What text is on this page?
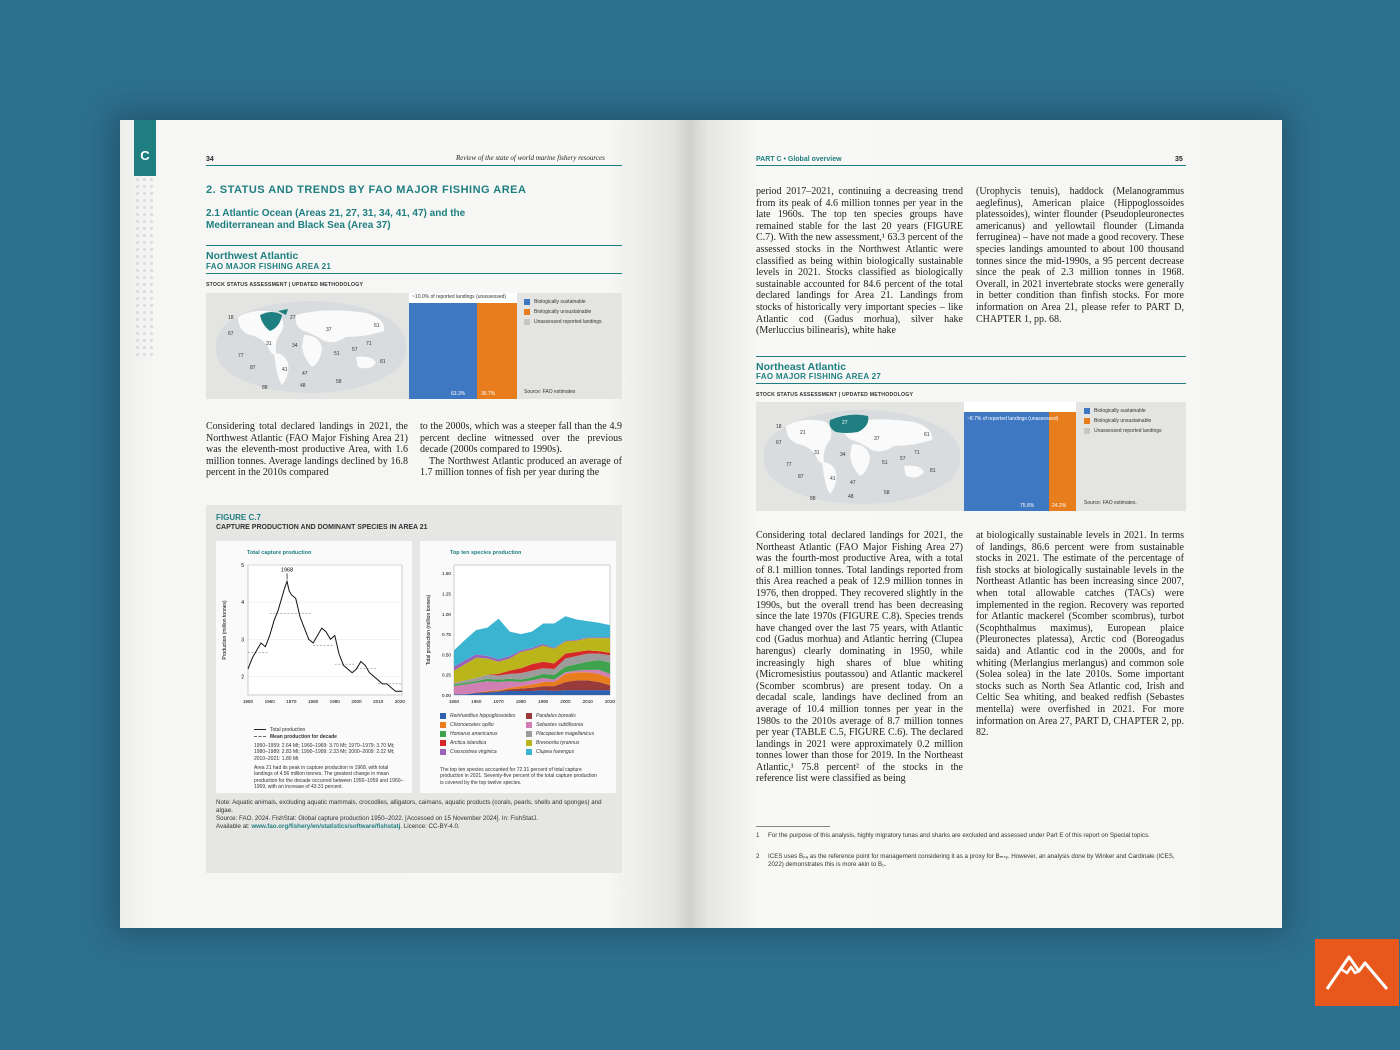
C	34	Review of the state of world marine fishery resources
2. STATUS AND TRENDS BY FAO MAJOR FISHING AREA
2.1 Atlantic Ocean (Areas 21, 27, 31, 34, 41, 47) and the
Mediterranean and Black Sea (Area 37)
Northwest Atlantic
FAO MAJOR FISHING AREA 21
STOCK STATUS ASSESSMENT | UPDATED METHODOLOGY
21
27
18
67
31	34
37
61
77
87	41
47
57
51
71
81
88	48
58
~10.0% of reported landings (unassessed)
63.3%	36.7%
Biologically sustainable
Biologically unsustainable
Unassessed reported landings
Source: FAO estimates
Considering total declared landings in 2021, the Northwest Atlantic (FAO Major Fishing Area 21) was the eleventh-most productive Area, with 1.6 million tonnes. Average landings declined by 16.8 percent in the 2010s compared
to the 2000s, which was a steeper fall than the 4.9 percent decline witnessed over the previous decade (2000s compared to 1990s).
The Northwest Atlantic produced an average of 1.7 million tonnes of fish per year during the
FIGURE C.7
CAPTURE PRODUCTION AND DOMINANT SPECIES IN AREA 21
Total capture production
2
3
4
5
1950 1960 1970 1980 1990 2000 2010 2020
Production (million tonnes)
1968
Total production
Mean production for decade
1950–1959: 2.64 Mt; 1960–1969: 3.70 Mt; 1970–1979: 3.70 Mt;
1980–1989: 2.83 Mt; 1990–1999: 2.33 Mt; 2000–2009: 2.22 Mt;
2010–2021: 1.80 Mt
Area 21 had its peak in capture production in 1968, with total landings of 4.56 million tonnes. The greatest change in mean production for the decade occurred between 1950–1959 and 1960–1969, with an increase of 43.31 percent.
Top ten species production
0.00
0.25
0.50
0.75
1.00
1.25
1.50
1950	1960	1970	1980	1990	2000	2010	2020
Total production (million tonnes)
Reinhardtius hippoglossoides	Pandalus borealis
Chionoecetes opilio	Sebastes subtilisonia
Homarus americanus	Placopecten magellanicus
Arctica islandica	Brevoortia tyrannus
Crassostrea virginica	Clupea harengus
The top ten species accounted for 72.31 percent of total capture production in 2021. Seventy-five percent of the total capture production is covered by the top twelve species.
Note: Aquatic animals, excluding aquatic mammals, crocodiles, alligators, caimans, aquatic products (corals, pearls, shells and sponges) and algae.
Source: FAO. 2024. FishStat: Global capture production 1950–2022. [Accessed on 15 November 2024]. In: FishStatJ.
Available at: www.fao.org/fishery/en/statistics/software/fishstatj. Licence: CC-BY-4.0.
PART C • Global overview	35
period 2017–2021, continuing a decreasing trend from its peak of 4.6 million tonnes per year in the late 1960s. The top ten species groups have remained stable for the last 20 years (FIGURE C.7). With the new assessment,¹ 63.3 percent of the assessed stocks in the Northwest Atlantic were classified as being within biologically sustainable levels in 2021. Stocks classified as biologically sustainable accounted for 84.6 percent of the total declared landings for Area 21. Landings from stocks of historically very important species – like Atlantic cod (Gadus morhua), silver hake (Merluccius bilinearis), white hake
(Urophycis tenuis), haddock (Melanogrammus aeglefinus), American plaice (Hippoglossoides platessoides), winter flounder (Pseudopleuronectes americanus) and yellowtail flounder (Limanda ferruginea) – have not made a good recovery. These species landings amounted to about 100 thousand tonnes since the mid-1990s, a 95 percent decrease since the peak of 2.3 million tonnes in 1968. Overall, in 2021 invertebrate stocks were generally in better condition than finfish stocks. For more information on Area 21, please refer to PART D, CHAPTER 1, pp. 68.
Northeast Atlantic
FAO MAJOR FISHING AREA 27
STOCK STATUS ASSESSMENT | UPDATED METHODOLOGY
21
27
18
67
31	34
37
61
77
87	41
47
57
51
71
81
88	48
58
~8.7% of reported landings (unassessed)
75.8%	24.2%
Biologically sustainable
Biologically unsustainable
Unassessed reported landings
Source: FAO estimates.
Considering total declared landings for 2021, the Northeast Atlantic (FAO Major Fishing Area 27) was the fourth-most productive Area, with a total of 8.1 million tonnes. Total landings reported from this Area reached a peak of 12.9 million tonnes in 1976, then dropped. They recovered slightly in the 1990s, but the overall trend has been decreasing since the late 1970s (FIGURE C.8). Species trends have changed over the last 75 years, with Atlantic cod (Gadus morhua) and Atlantic herring (Clupea harengus) clearly dominating in 1950, while increasingly high shares of blue whiting (Micromesistius poutassou) and Atlantic mackerel (Scomber scombrus) are present today. On a decadal scale, landings have declined from an average of 10.4 million tonnes per year in the 1980s to the 2010s average of 8.7 million tonnes per year (TABLE C.5, FIGURE C.6). The declared landings in 2021 were approximately 0.2 million tonnes lower than those for 2019. In the Northeast Atlantic,¹ 75.8 percent² of the stocks in the reference list were classified as being
at biologically sustainable levels in 2021. In terms of landings, 86.6 percent were from sustainable stocks in 2021. The estimate of the percentage of fish stocks at biologically sustainable levels in the Northeast Atlantic has been increasing since 2007, when total allowable catches (TACs) were implemented in the region. Recovery was reported for Atlantic mackerel (Scomber scombrus), turbot (Scophthalmus maximus), European plaice (Pleuronectes platessa), Arctic cod (Boreogadus saida) and Atlantic cod in the 2000s, and for whiting (Merlangius merlangus) and common sole (Solea solea) in the late 2010s. Some important stocks such as North Sea Atlantic cod, Irish and Celtic Sea whiting, and beaked redfish (Sebastes mentella) were overfished in 2021. For more information on Area 27, PART D, CHAPTER 2, pp. 82.
1	For the purpose of this analysis, highly migratory tunas and sharks are excluded and assessed under Part E of this report on Special topics.
2	ICES uses Bₚₐ as the reference point for management considering it as a proxy for Bₘₛᵧ. However, an analysis done by Winker and Cardinale (ICES, 2022) demonstrates this is more akin to B₀.
